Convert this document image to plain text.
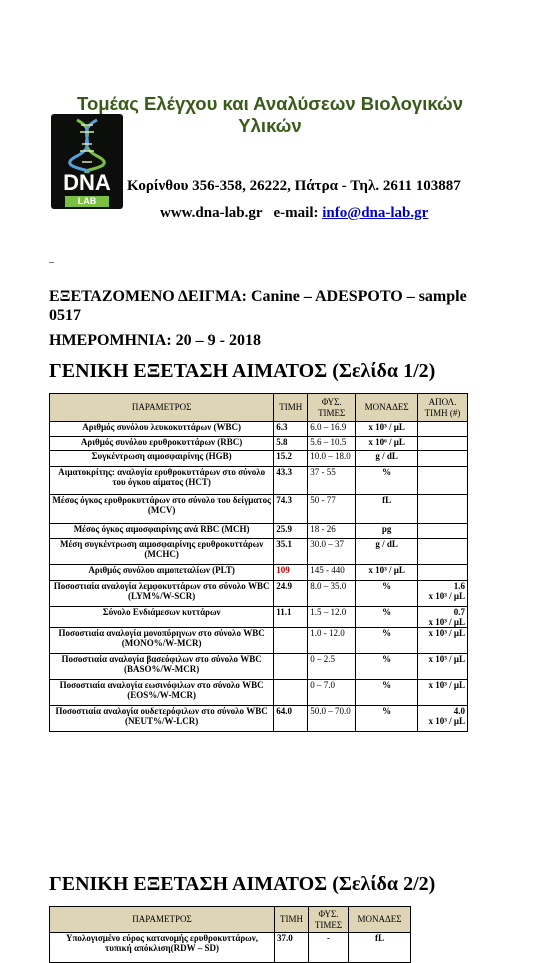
Τομέας Ελέγχου και Αναλύσεων Βιολογικών Υλικών
DNA
LAB
Κορίνθου 356-358, 26222, Πάτρα - Τηλ. 2611 103887
www.dna-lab.gr e-mail: info@dna-lab.gr
_
ΕΞΕΤΑΖΟΜΕΝΟ ΔΕΙΓΜΑ: Canine – ADESPOTO – sample 0517
ΗΜΕΡΟΜΗΝΙΑ: 20 – 9 - 2018
ΓΕΝΙΚΗ ΕΞΕΤΑΣΗ ΑΙΜΑΤΟΣ (Σελίδα 1/2)
ΠΑΡΑΜΕΤΡΟΣ	ΤΙΜΗ	ΦΥΣ. ΤΙΜΕΣ	ΜΟΝΑΔΕΣ	ΑΠΟΛ. ΤΙΜΗ (#)
Αριθμός συνόλου λευκοκυττάρων (WBC)	6.3	6.0 – 16.9	x 10³ / μL	

Αριθμός συνόλου ερυθροκυττάρων (RBC)	5.8	5.6 – 10.5	x 10⁶ / μL	

Συγκέντρωση αιμοσφαιρίνης (HGB)	15.2	10.0 – 18.0	g / dL	

Αιματοκρίτης: αναλογία ερυθροκυττάρων στο σύνολο του όγκου αίματος (HCT)	43.3	37 - 55	%	

Μέσος όγκος ερυθροκυττάρων στο σύνολο του δείγματος (MCV)	74.3	50 - 77	fL	

Μέσος όγκος αιμοσφαιρίνης ανά RBC (MCH)	25.9	18 - 26	pg	

Μέση συγκέντρωση αιμοσφαιρίνης ερυθροκυττάρων (MCHC)	35.1	30.0 – 37	g / dL	

Αριθμός συνόλου αιμοπεταλίων (PLT)	109	145 - 440	x 10³ / μL	

Ποσοστιαία αναλογία λεμφοκυττάρων στο σύνολο WBC (LYM%/W-SCR)	24.9	8.0 – 35.0	%	1.6
x 10³ / μL

Σύνολο Ενδιάμεσων κυττάρων	11.1	1.5 – 12.0	%	0.7
x 10³ / μL

Ποσοστιαία αναλογία μονοπύρηνων στο σύνολο WBC (MONO%/W-MCR)		1.0 - 12.0	%	x 10³ / μL

Ποσοστιαία αναλογία βασεόφιλων στο σύνολο WBC (BASO%/W-MCR)		0 – 2.5	%	x 10³ / μL

Ποσοστιαία αναλογία εωσινόφιλων στο σύνολο WBC (EOS%/W-MCR)		0 – 7.0	%	x 10³ / μL

Ποσοστιαία αναλογία ουδετερόφιλων στο σύνολο WBC (NEUT%/W-LCR)	64.0	50.0 – 70.0	%	4.0
x 10³ / μL
ΓΕΝΙΚΗ ΕΞΕΤΑΣΗ ΑΙΜΑΤΟΣ (Σελίδα 2/2)
ΠΑΡΑΜΕΤΡΟΣ	ΤΙΜΗ	ΦΥΣ. ΤΙΜΕΣ	ΜΟΝΑΔΕΣ
Υπολογισμένο εύρος κατανομής ερυθροκυττάρων, τυπική απόκλιση(RDW – SD)	37.0	-	fL
